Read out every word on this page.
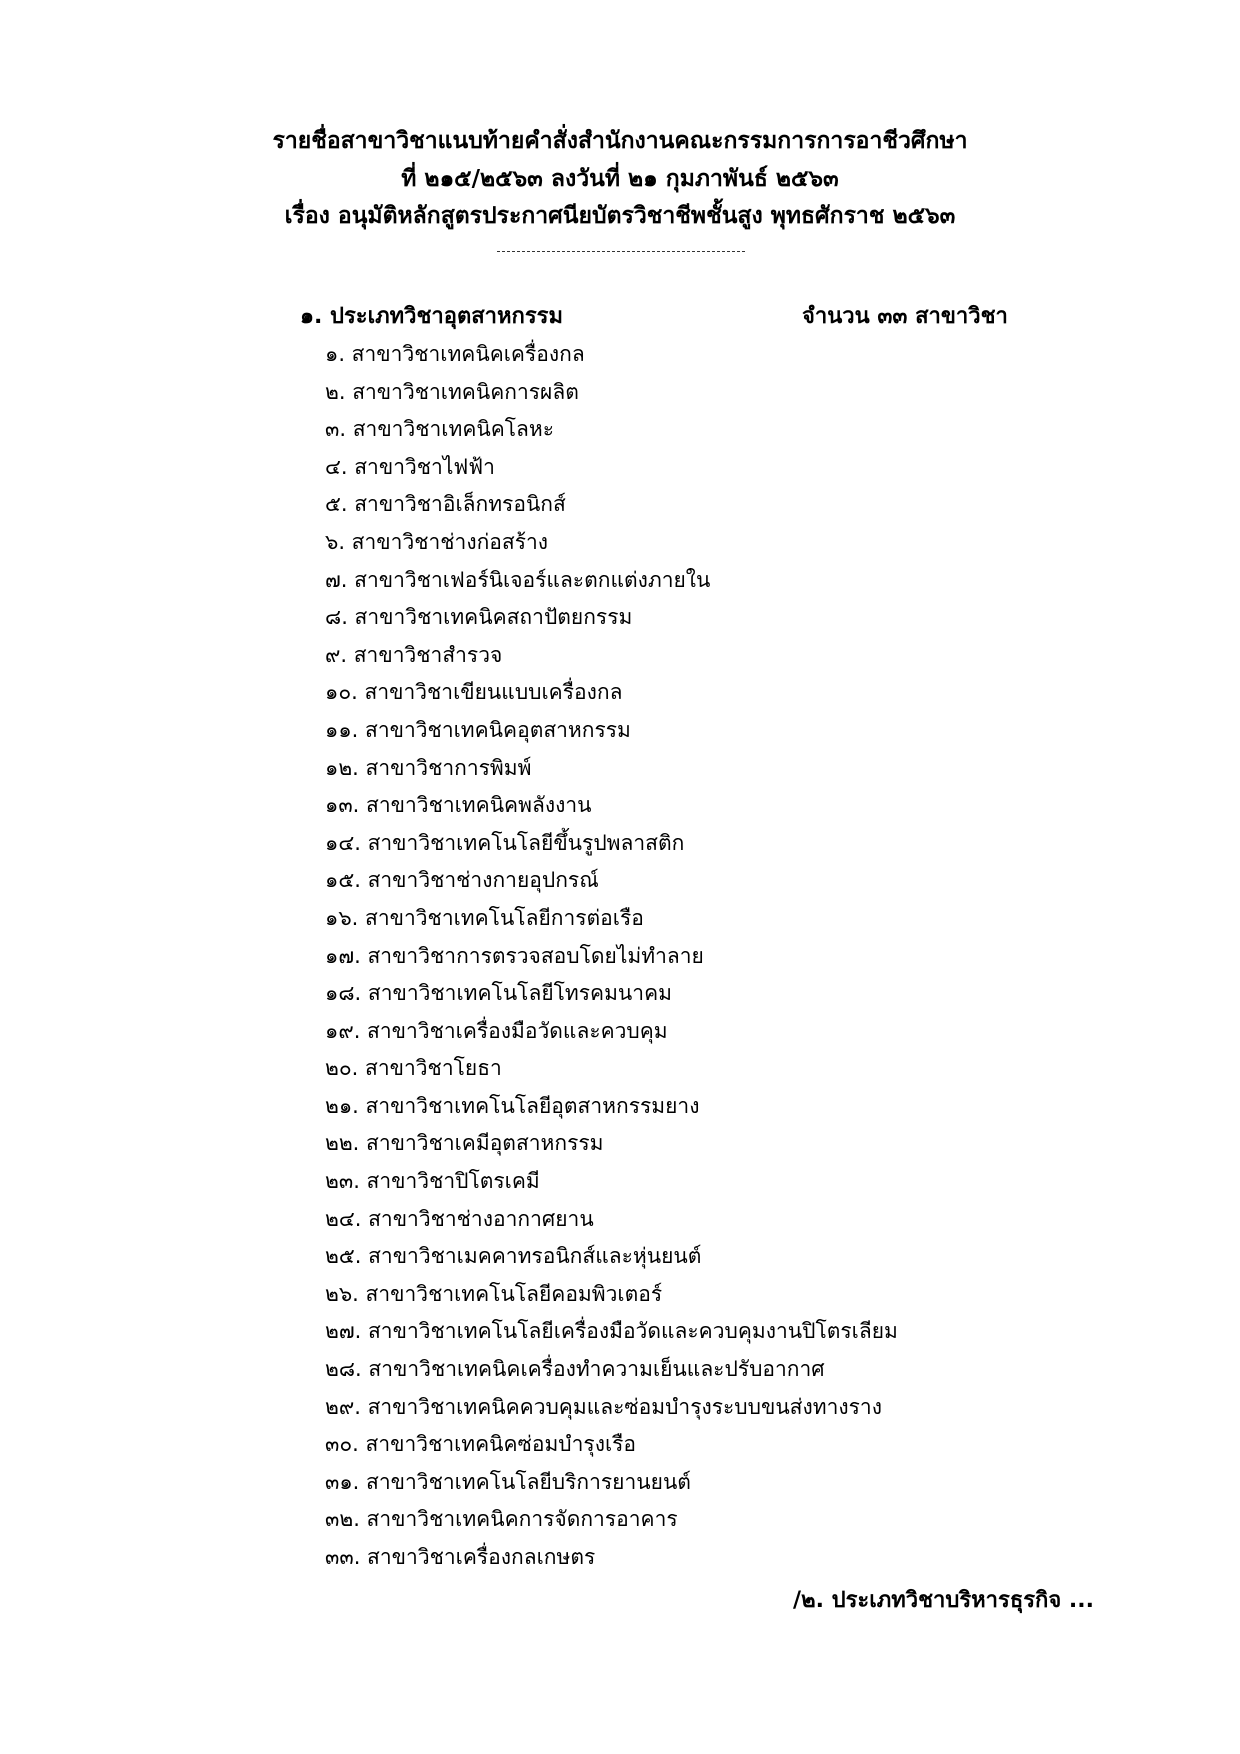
รายชื่อสาขาวิชาแนบท้ายคำสั่งสำนักงานคณะกรรมการการอาชีวศึกษา
ที่ ๒๑๕/๒๕๖๓ ลงวันที่ ๒๑ กุมภาพันธ์ ๒๕๖๓
เรื่อง อนุมัติหลักสูตรประกาศนียบัตรวิชาชีพชั้นสูง พุทธศักราช ๒๕๖๓
๑. ประเภทวิชาอุตสาหกรรม	จำนวน ๓๓ สาขาวิชา
๑. สาขาวิชาเทคนิคเครื่องกล
๒. สาขาวิชาเทคนิคการผลิต
๓. สาขาวิชาเทคนิคโลหะ
๔. สาขาวิชาไฟฟ้า
๕. สาขาวิชาอิเล็กทรอนิกส์
๖. สาขาวิชาช่างก่อสร้าง
๗. สาขาวิชาเฟอร์นิเจอร์และตกแต่งภายใน
๘. สาขาวิชาเทคนิคสถาปัตยกรรม
๙. สาขาวิชาสำรวจ
๑๐. สาขาวิชาเขียนแบบเครื่องกล
๑๑. สาขาวิชาเทคนิคอุตสาหกรรม
๑๒. สาขาวิชาการพิมพ์
๑๓. สาขาวิชาเทคนิคพลังงาน
๑๔. สาขาวิชาเทคโนโลยีขึ้นรูปพลาสติก
๑๕. สาขาวิชาช่างกายอุปกรณ์
๑๖. สาขาวิชาเทคโนโลยีการต่อเรือ
๑๗. สาขาวิชาการตรวจสอบโดยไม่ทำลาย
๑๘. สาขาวิชาเทคโนโลยีโทรคมนาคม
๑๙. สาขาวิชาเครื่องมือวัดและควบคุม
๒๐. สาขาวิชาโยธา
๒๑. สาขาวิชาเทคโนโลยีอุตสาหกรรมยาง
๒๒. สาขาวิชาเคมีอุตสาหกรรม
๒๓. สาขาวิชาปิโตรเคมี
๒๔. สาขาวิชาช่างอากาศยาน
๒๕. สาขาวิชาเมคคาทรอนิกส์และหุ่นยนต์
๒๖. สาขาวิชาเทคโนโลยีคอมพิวเตอร์
๒๗. สาขาวิชาเทคโนโลยีเครื่องมือวัดและควบคุมงานปิโตรเลียม
๒๘. สาขาวิชาเทคนิคเครื่องทำความเย็นและปรับอากาศ
๒๙. สาขาวิชาเทคนิคควบคุมและซ่อมบำรุงระบบขนส่งทางราง
๓๐. สาขาวิชาเทคนิคซ่อมบำรุงเรือ
๓๑. สาขาวิชาเทคโนโลยีบริการยานยนต์
๓๒. สาขาวิชาเทคนิคการจัดการอาคาร
๓๓. สาขาวิชาเครื่องกลเกษตร
/๒. ประเภทวิชาบริหารธุรกิจ ...
